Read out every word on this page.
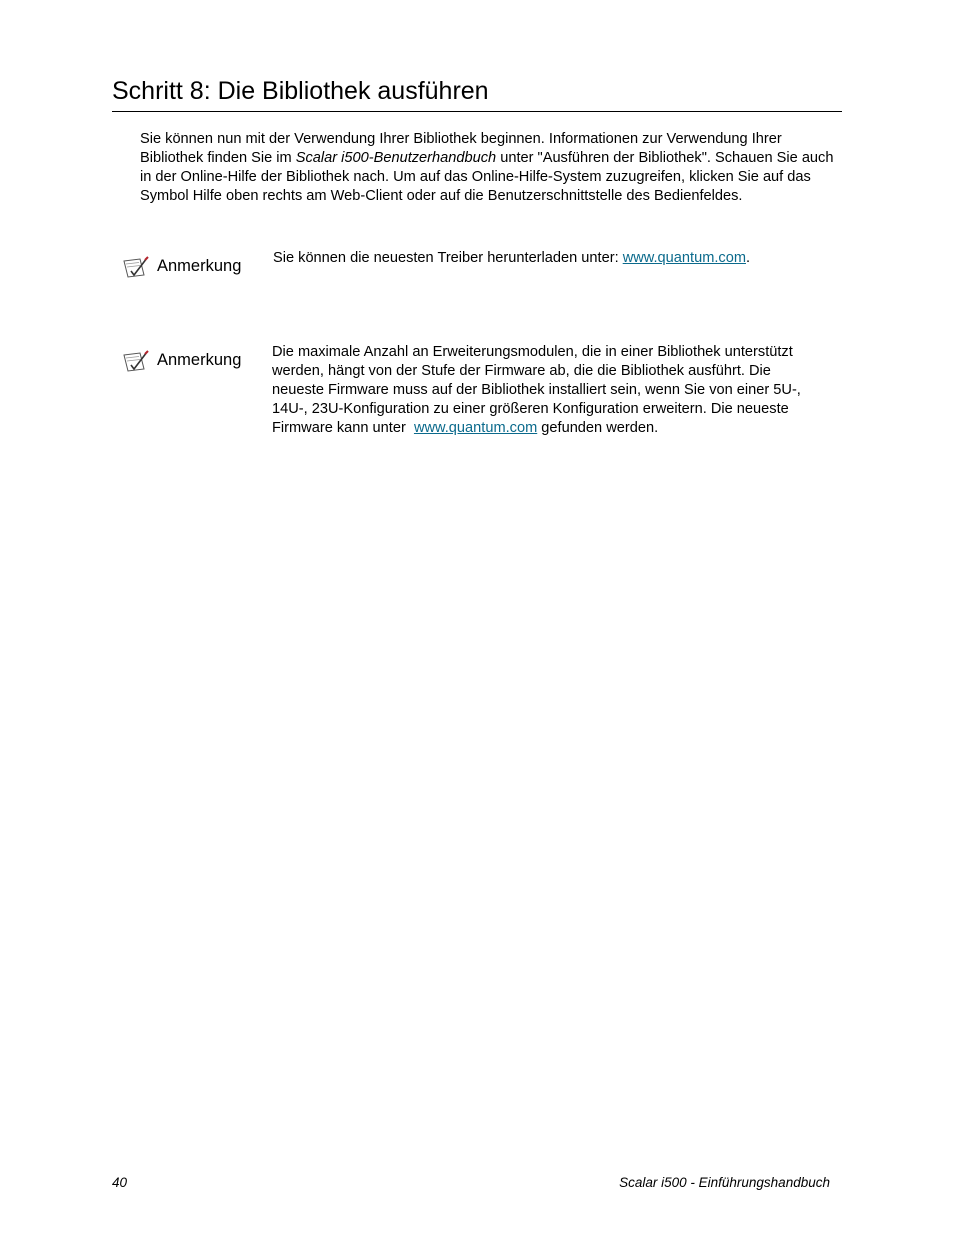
Schritt 8: Die Bibliothek ausführen

Sie können nun mit der Verwendung Ihrer Bibliothek beginnen. Informationen zur Verwendung Ihrer Bibliothek finden Sie im Scalar i500-Benutzerhandbuch unter "Ausführen der Bibliothek". Schauen Sie auch in der Online-Hilfe der Bibliothek nach. Um auf das Online-Hilfe-System zuzugreifen, klicken Sie auf das Symbol Hilfe oben rechts am Web-Client oder auf die Benutzerschnittstelle des Bedienfeldes.

Anmerkung Sie können die neuesten Treiber herunterladen unter: www.quantum.com.

Anmerkung Die maximale Anzahl an Erweiterungsmodulen, die in einer Bibliothek unterstützt werden, hängt von der Stufe der Firmware ab, die die Bibliothek ausführt. Die neueste Firmware muss auf der Bibliothek installiert sein, wenn Sie von einer 5U-, 14U-, 23U-Konfiguration zu einer größeren Konfiguration erweitern. Die neueste Firmware kann unter  www.quantum.com gefunden werden.

40	Scalar i500 - Einführungshandbuch
